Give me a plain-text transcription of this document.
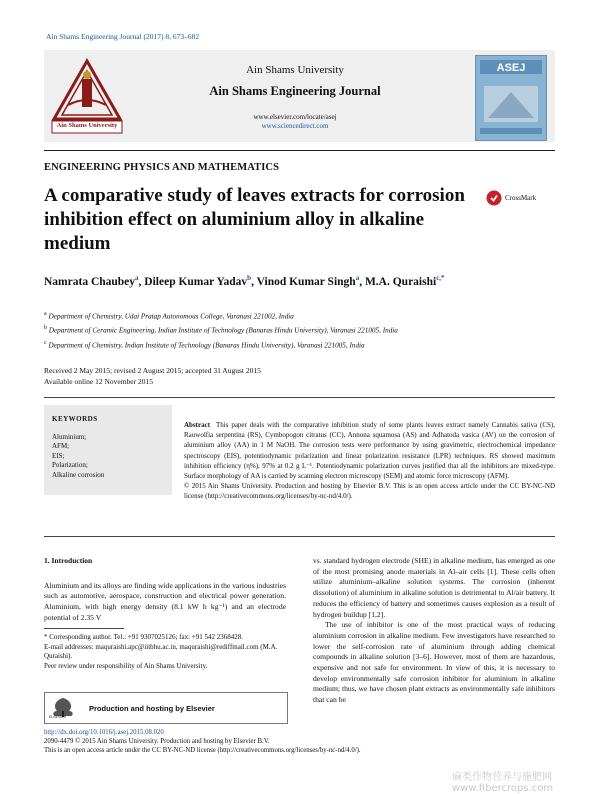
Ain Shams Engineering Journal (2017) 8, 673–682
Ain Shams University
Ain Shams University
Ain Shams Engineering Journal
www.elsevier.com/locate/asej
www.sciencedirect.com
ASEJ
ENGINEERING PHYSICS AND MATHEMATICS
A comparative study of leaves extracts for corrosion inhibition effect on aluminium alloy in alkaline medium
CrossMark
Namrata Chaubey$^a$, Dileep Kumar Yadav$^b$, Vinod Kumar Singh$^a$, M.A. Quraishi$^{c,*}$
$^a$ Department of Chemistry, Udai Pratap Autonomous College, Varanasi 221002, India
$^b$ Department of Ceramic Engineering, Indian Institute of Technology (Banaras Hindu University), Varanasi 221005, India
$^c$ Department of Chemistry, Indian Institute of Technology (Banaras Hindu University), Varanasi 221005, India
Received 2 May 2015; revised 2 August 2015; accepted 31 August 2015
Available online 12 November 2015
KEYWORDS
Aluminium;
AFM;
EIS;
Polarization;
Alkaline corrosion
Abstract This paper deals with the comparative inhibition study of some plants leaves extract namely Cannabis sativa (CS), Rauwolfia serpentina (RS), Cymbopogon citratus (CC), Annona squamosa (AS) and Adhatoda vasica (AV) on the corrosion of aluminium alloy (AA) in 1 M NaOH. The corrosion tests were performance by using gravimetric, electrochemical impedance spectroscopy (EIS), potentiodynamic polarization and linear polarization resistance (LPR) techniques. RS showed maximum inhibition efficiency (η%), 97% at 0.2 g L⁻¹. Potentiodynamic polarization curves justified that all the inhibitors are mixed-type. Surface morphology of AA is carried by scanning electron microscopy (SEM) and atomic force microscopy (AFM).
© 2015 Ain Shams University. Production and hosting by Elsevier B.V. This is an open access article under the CC BY-NC-ND license (http://creativecommons.org/licenses/by-nc-nd/4.0/).
1. Introduction

Aluminium and its alloys are finding wide applications in the various industries such as automotive, aerospace, construction and electrical power generation. Aluminium, with high energy density (8.1 kW h kg⁻¹) and an electrode potential of 2.35 V

* Corresponding author. Tel.: +91 9307025126; fax: +91 542 2368428.
E-mail addresses: maquraishi.apc@iitbhu.ac.in, maquraishi@rediffmail.com (M.A. Quraishi).
Peer review under responsibility of Ain Shams University.
ELSEVIER
Production and hosting by Elsevier

vs. standard hydrogen electrode (SHE) in alkaline medium, has emerged as one of the most promising anode materials in Al–air cells [1]. These cells often utilize aluminium–alkaline solution systems. The corrosion (inherent dissolution) of aluminium in alkaline solution is detrimental to Al/air battery. It reduces the efficiency of battery and sometimes causes explosion as a result of hydrogen buildup [1,2].

The use of inhibitor is one of the most practical ways of reducing aluminium corrosion in alkaline medium. Few investigators have researched to lower the self-corrosion rate of aluminium through adding chemical compounds in alkaline solution [3–6]. However, most of them are hazardous, expensive and not safe for environment. In view of this, it is necessary to develop environmentally safe corrosion inhibitor for aluminium in alkaline medium; thus, we have chosen plant extracts as environmentally safe inhibitors that can be

http://dx.doi.org/10.1016/j.asej.2015.08.020
2090-4479 © 2015 Ain Shams University. Production and hosting by Elsevier B.V.
This is an open access article under the CC BY-NC-ND license (http://creativecommons.org/licenses/by-nc-nd/4.0/).
麻类作物营养与施肥网 www.fibercrops.com
